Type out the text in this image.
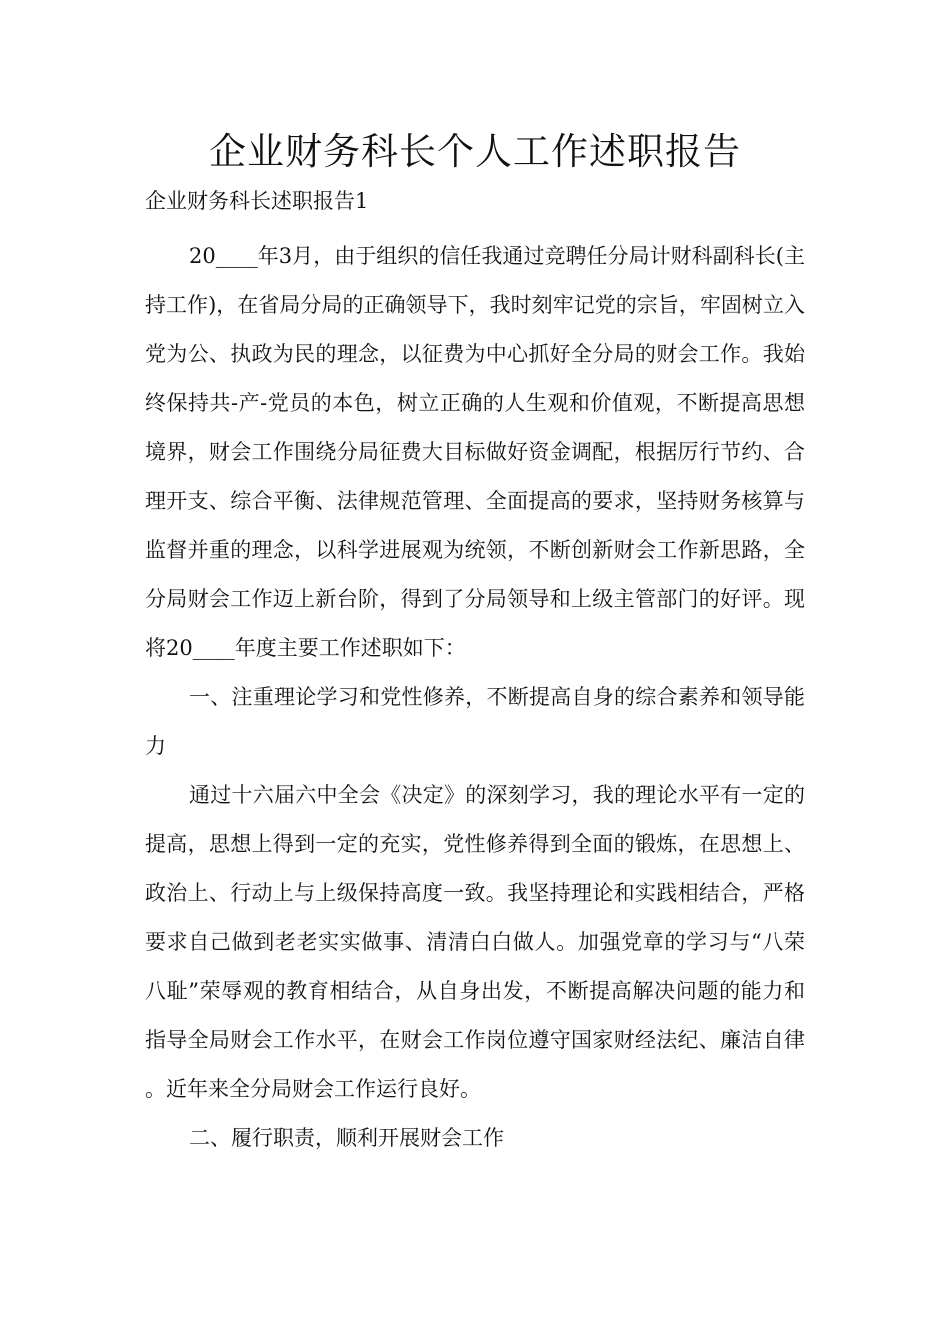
企业财务科长个人工作述职报告

企业财务科长述职报告1

20____年3月，由于组织的信任我通过竞聘任分局计财科副科长(主持工作)，在省局分局的正确领导下，我时刻牢记党的宗旨，牢固树立入党为公、执政为民的理念，以征费为中心抓好全分局的财会工作。我始终保持共-产-党员的本色，树立正确的人生观和价值观，不断提高思想境界，财会工作围绕分局征费大目标做好资金调配，根据厉行节约、合理开支、综合平衡、法律规范管理、全面提高的要求，坚持财务核算与监督并重的理念，以科学进展观为统领，不断创新财会工作新思路，全分局财会工作迈上新台阶，得到了分局领导和上级主管部门的好评。现将20____年度主要工作述职如下：

一、注重理论学习和党性修养，不断提高自身的综合素养和领导能力

通过十六届六中全会《决定》的深刻学习，我的理论水平有一定的提高，思想上得到一定的充实，党性修养得到全面的锻炼，在思想上、政治上、行动上与上级保持高度一致。我坚持理论和实践相结合，严格要求自己做到老老实实做事、清清白白做人。加强党章的学习与“八荣八耻”荣辱观的教育相结合，从自身出发，不断提高解决问题的能力和指导全局财会工作水平，在财会工作岗位遵守国家财经法纪、廉洁自律。近年来全分局财会工作运行良好。

二、履行职责，顺利开展财会工作
